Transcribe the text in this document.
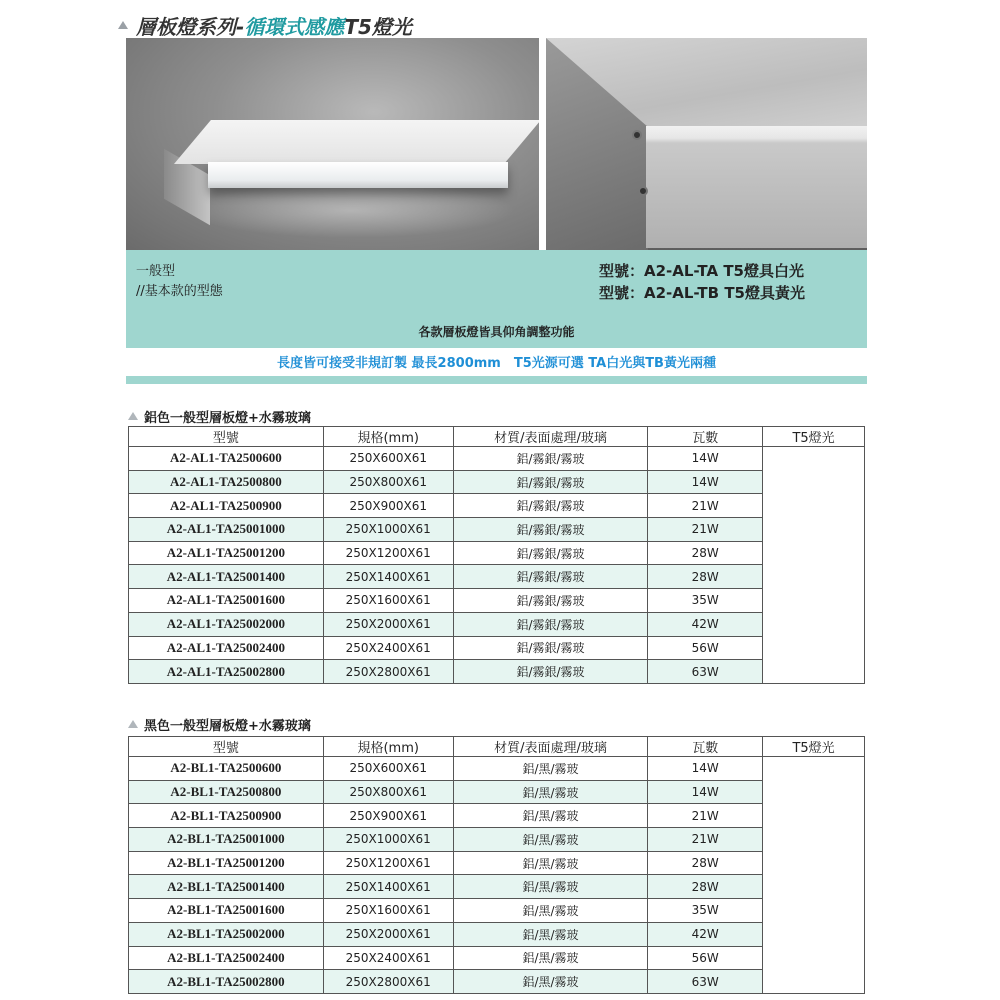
層板燈系列-循環式感應T5燈光
一般型
//基本款的型態
型號：A2-AL-TA T5燈具白光
型號：A2-AL-TB T5燈具黃光
各款層板燈皆具仰角調整功能
長度皆可接受非規訂製 最長2800mm　T5光源可選 TA白光與TB黃光兩種
鋁色一般型層板燈+水霧玻璃
型號	規格(mm)	材質/表面處理/玻璃	瓦數	T5燈光
A2-AL1-TA2500600	250X600X61	鋁/霧銀/霧玻	14W	
A2-AL1-TA2500800	250X800X61	鋁/霧銀/霧玻	14W	
A2-AL1-TA2500900	250X900X61	鋁/霧銀/霧玻	21W	
A2-AL1-TA25001000	250X1000X61	鋁/霧銀/霧玻	21W	
A2-AL1-TA25001200	250X1200X61	鋁/霧銀/霧玻	28W	
A2-AL1-TA25001400	250X1400X61	鋁/霧銀/霧玻	28W	
A2-AL1-TA25001600	250X1600X61	鋁/霧銀/霧玻	35W	
A2-AL1-TA25002000	250X2000X61	鋁/霧銀/霧玻	42W	
A2-AL1-TA25002400	250X2400X61	鋁/霧銀/霧玻	56W	
A2-AL1-TA25002800	250X2800X61	鋁/霧銀/霧玻	63W	
黑色一般型層板燈+水霧玻璃
型號	規格(mm)	材質/表面處理/玻璃	瓦數	T5燈光
A2-BL1-TA2500600	250X600X61	鋁/黑/霧玻	14W	
A2-BL1-TA2500800	250X800X61	鋁/黑/霧玻	14W	
A2-BL1-TA2500900	250X900X61	鋁/黑/霧玻	21W	
A2-BL1-TA25001000	250X1000X61	鋁/黑/霧玻	21W	
A2-BL1-TA25001200	250X1200X61	鋁/黑/霧玻	28W	
A2-BL1-TA25001400	250X1400X61	鋁/黑/霧玻	28W	
A2-BL1-TA25001600	250X1600X61	鋁/黑/霧玻	35W	
A2-BL1-TA25002000	250X2000X61	鋁/黑/霧玻	42W	
A2-BL1-TA25002400	250X2400X61	鋁/黑/霧玻	56W	
A2-BL1-TA25002800	250X2800X61	鋁/黑/霧玻	63W	
